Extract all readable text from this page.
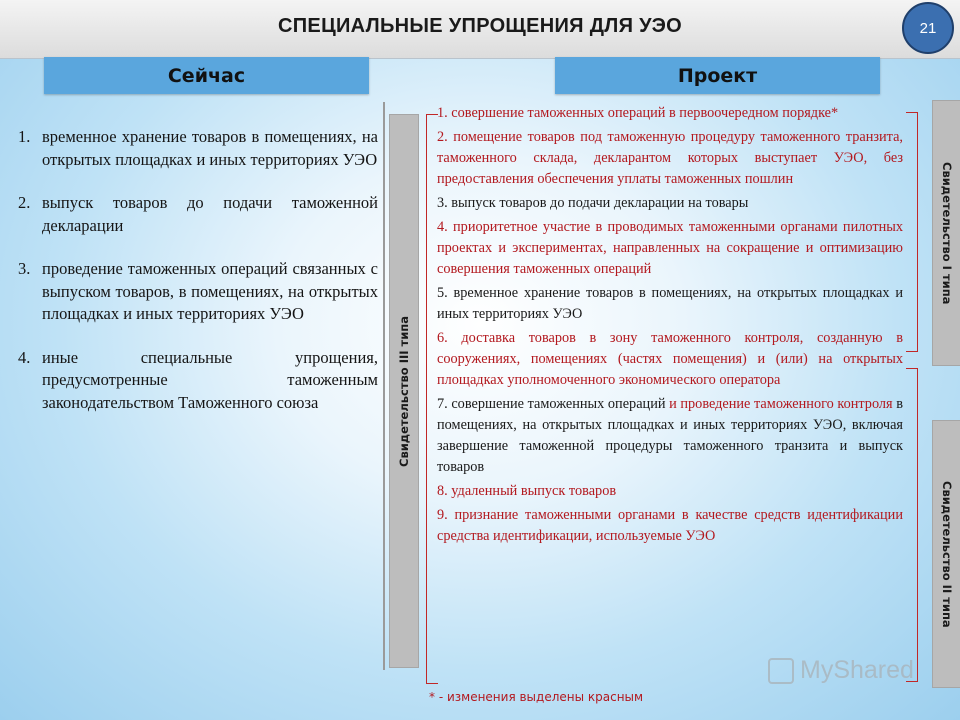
СПЕЦИАЛЬНЫЕ УПРОЩЕНИЯ ДЛЯ УЭО	21
Сейчас	Проект
1. временное хранение товаров в помещениях, на открытых площадках и иных территориях УЭО
2. выпуск товаров до подачи таможенной декларации
3. проведение таможенных операций связанных с выпуском товаров, в помещениях, на открытых площадках и иных территориях УЭО
4. иные специальные упрощения, предусмотренные таможенным законодательством Таможенного союза	Свидетельство III типа
Свидетельство I типа
Свидетельство II типа
1. совершение таможенных операций в первоочередном порядке*
2. помещение товаров под таможенную процедуру таможенного транзита, таможенного склада, декларантом которых выступает УЭО, без предоставления обеспечения уплаты таможенных пошлин
3. выпуск товаров до подачи декларации на товары
4. приоритетное участие в проводимых таможенными органами пилотных проектах и экспериментах, направленных на сокращение и оптимизацию совершения таможенных операций
5. временное хранение товаров в помещениях, на открытых площадках и иных территориях УЭО
6. доставка товаров в зону таможенного контроля, созданную в сооружениях, помещениях (частях помещения) и (или) на открытых площадках уполномоченного экономического оператора
7. совершение таможенных операций и проведение таможенного контроля в помещениях, на открытых площадках и иных территориях УЭО, включая завершение таможенной процедуры таможенного транзита и выпуск товаров
8. удаленный выпуск товаров
9. признание таможенными органами в качестве средств идентификации средства идентификации, используемые УЭО
* - изменения выделены красным
MyShared
